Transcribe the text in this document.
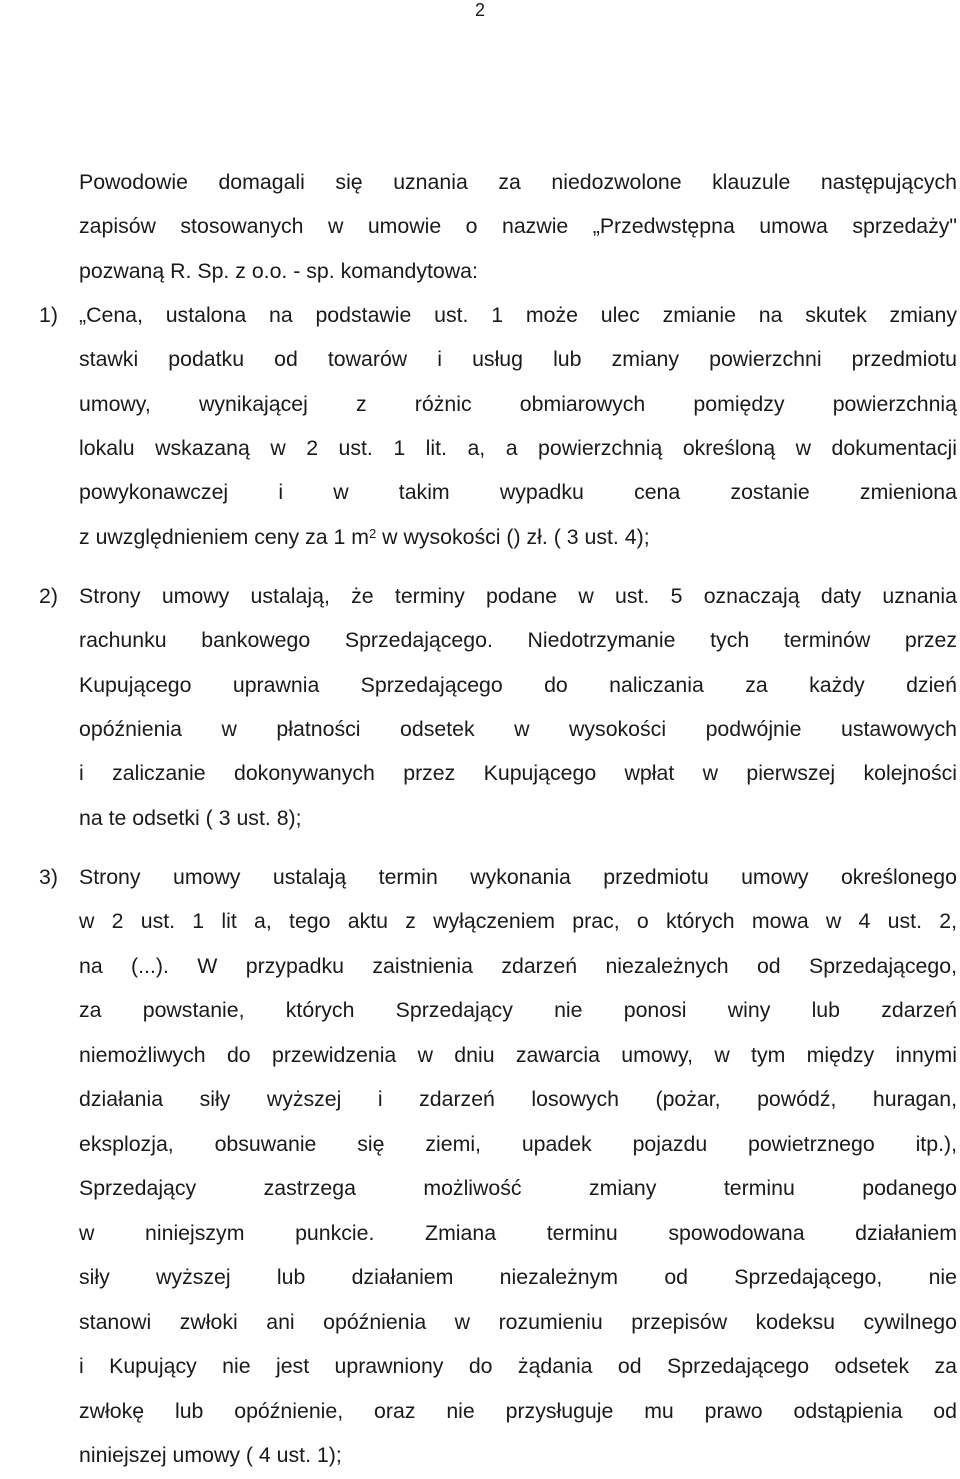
2
Powodowie domagali się uznania za niedozwolone klauzule następujących
zapisów stosowanych w umowie o nazwie „Przedwstępna umowa sprzedaży"
pozwaną R. Sp. z o.o. - sp. komandytowa:
1) „Cena, ustalona na podstawie ust. 1 może ulec zmianie na skutek zmiany
stawki podatku od towarów i usług lub zmiany powierzchni przedmiotu
umowy, wynikającej z różnic obmiarowych pomiędzy powierzchnią
lokalu wskazaną w 2 ust. 1 lit. a, a powierzchnią określoną w dokumentacji
powykonawczej i w takim wypadku cena zostanie zmieniona
z uwzględnieniem ceny za 1 $m^2$ w wysokości () zł. ( 3 ust. 4);
2) Strony umowy ustalają, że terminy podane w ust. 5 oznaczają daty uznania
rachunku bankowego Sprzedającego. Niedotrzymanie tych terminów przez
Kupującego uprawnia Sprzedającego do naliczania za każdy dzień
opóźnienia w płatności odsetek w wysokości podwójnie ustawowych
i zaliczanie dokonywanych przez Kupującego wpłat w pierwszej kolejności
na te odsetki ( 3 ust. 8);
3) Strony umowy ustalają termin wykonania przedmiotu umowy określonego
w 2 ust. 1 lit a, tego aktu z wyłączeniem prac, o których mowa w 4 ust. 2,
na (...). W przypadku zaistnienia zdarzeń niezależnych od Sprzedającego,
za powstanie, których Sprzedający nie ponosi winy lub zdarzeń
niemożliwych do przewidzenia w dniu zawarcia umowy, w tym między innymi
działania siły wyższej i zdarzeń losowych (pożar, powódź, huragan,
eksplozja, obsuwanie się ziemi, upadek pojazdu powietrznego itp.),
Sprzedający zastrzega możliwość zmiany terminu podanego
w niniejszym punkcie. Zmiana terminu spowodowana działaniem
siły wyższej lub działaniem niezależnym od Sprzedającego, nie
stanowi zwłoki ani opóźnienia w rozumieniu przepisów kodeksu cywilnego
i Kupujący nie jest uprawniony do żądania od Sprzedającego odsetek za
zwłokę lub opóźnienie, oraz nie przysługuje mu prawo odstąpienia od
niniejszej umowy ( 4 ust. 1);
